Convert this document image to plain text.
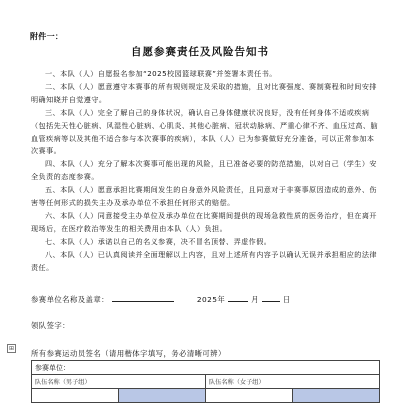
附件一：
自愿参赛责任及风险告知书

一、本队（人）自愿报名参加“2025校园篮球联赛”并签署本责任书。

二、本队（人）愿意遵守本赛事的所有规则规定及采取的措施，且对比赛强度、赛制赛程和时间安排明确知晓并自觉遵守。

三、本队（人）完全了解自己的身体状况，确认自己身体健康状况良好，没有任何身体不适或疾病（包括先天性心脏病、风湿性心脏病、心肌炎、其他心脏病、冠状动脉病、严重心律不齐、血压过高、脑血管疾病等以及其他不适合参与本次赛事的疾病），本队（人）已为参赛做好充分准备，可以正常参加本次赛事。

四、本队（人）充分了解本次赛事可能出现的风险，且已准备必要的防范措施，以对自己（学生）安全负责的态度参赛。

五、本队（人）愿意承担比赛期间发生的自身意外风险责任，且同意对于非赛事原因造成的意外、伤害等任何形式的损失主办及承办单位不承担任何形式的赔偿。

六、本队（人）同意接受主办单位及承办单位在比赛期间提供的现场急救性质的医务治疗，但在离开现场后，在医疗救治等发生的相关费用由本队（人）负担。

七、本队（人）承诺以自己的名义参赛，决不冒名顶替、弄虚作假。

八、本队（人）已认真阅读并全面理解以上内容，且对上述所有内容予以确认无误并承担相应的法律责任。

参赛单位名称及盖章：	2025年	月	日
领队签字：
⊞
所有参赛运动员签名（请用楷体字填写，务必清晰可辨）
参赛单位：			
队伍名称（男子组）		队伍名称（女子组）	
